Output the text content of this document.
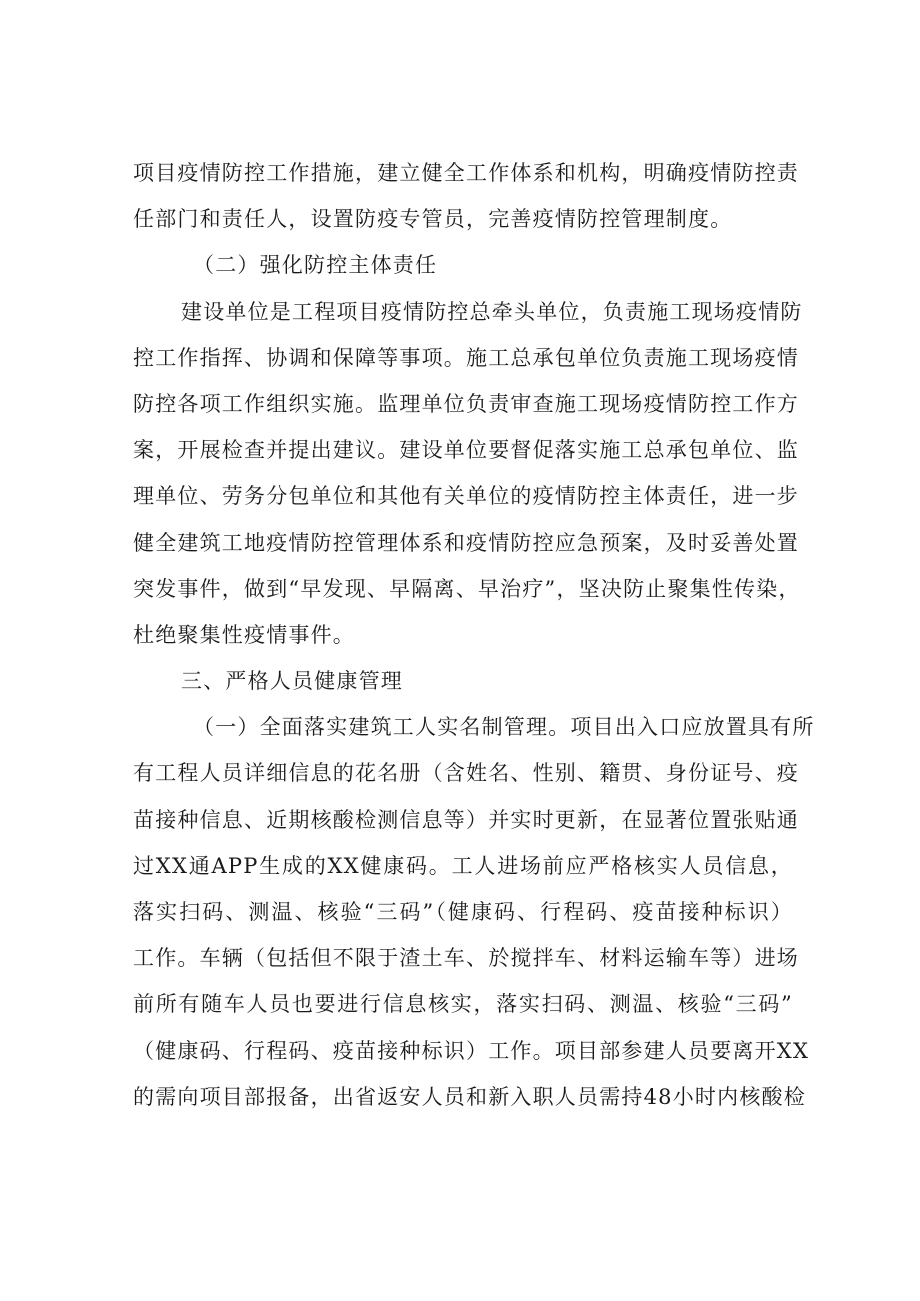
项目疫情防控工作措施，建立健全工作体系和机构，明确疫情防控责
任部门和责任人，设置防疫专管员，完善疫情防控管理制度。
（二）强化防控主体责任
建设单位是工程项目疫情防控总牵头单位，负责施工现场疫情防
控工作指挥、协调和保障等事项。施工总承包单位负责施工现场疫情
防控各项工作组织实施。监理单位负责审查施工现场疫情防控工作方
案，开展检查并提出建议。建设单位要督促落实施工总承包单位、监
理单位、劳务分包单位和其他有关单位的疫情防控主体责任，进一步
健全建筑工地疫情防控管理体系和疫情防控应急预案，及时妥善处置
突发事件，做到“早发现、早隔离、早治疗”，坚决防止聚集性传染，
杜绝聚集性疫情事件。
三、严格人员健康管理
（一）全面落实建筑工人实名制管理。项目出入口应放置具有所
有工程人员详细信息的花名册（含姓名、性别、籍贯、身份证号、疫
苗接种信息、近期核酸检测信息等）并实时更新，在显著位置张贴通
过XX通APP生成的XX健康码。工人进场前应严格核实人员信息，
落实扫码、测温、核验“三码”（健康码、行程码、疫苗接种标识）
工作。车辆（包括但不限于渣土车、於搅拌车、材料运输车等）进场
前所有随车人员也要进行信息核实，落实扫码、测温、核验“三码”
（健康码、行程码、疫苗接种标识）工作。项目部参建人员要离开XX
的需向项目部报备，出省返安人员和新入职人员需持48小时内核酸检
